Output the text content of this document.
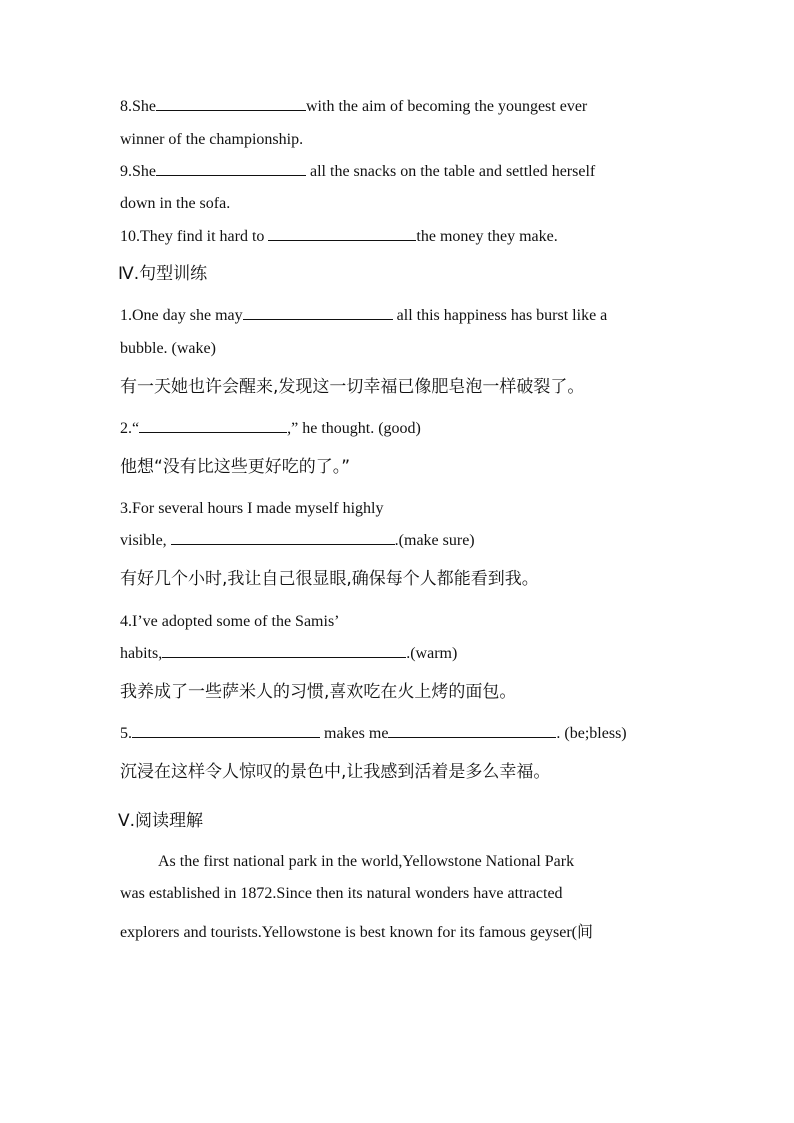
8.She	with the aim of becoming the youngest ever
winner of the championship.
9.She	all the snacks on the table and settled herself
down in the sofa.
10.They find it hard to	the money they make.
Ⅳ.句型训练
1.One day she may	all this happiness has burst like a
bubble. (wake)
有一天她也许会醒来,发现这一切幸福已像肥皂泡一样破裂了。
2.“	,” he thought. (good)
他想“没有比这些更好吃的了。”
3.For several hours I made myself highly
visible,	.(make sure)
有好几个小时,我让自己很显眼,确保每个人都能看到我。
4.I’ve adopted some of the Samis’
habits,	.(warm)
我养成了一些萨米人的习惯,喜欢吃在火上烤的面包。
5.	makes me	. (be;bless)
沉浸在这样令人惊叹的景色中,让我感到活着是多么幸福。
Ⅴ.阅读理解
As the first national park in the world,Yellowstone National Park
was established in 1872.Since then its natural wonders have attracted
explorers and tourists.Yellowstone is best known for its famous geyser(间
